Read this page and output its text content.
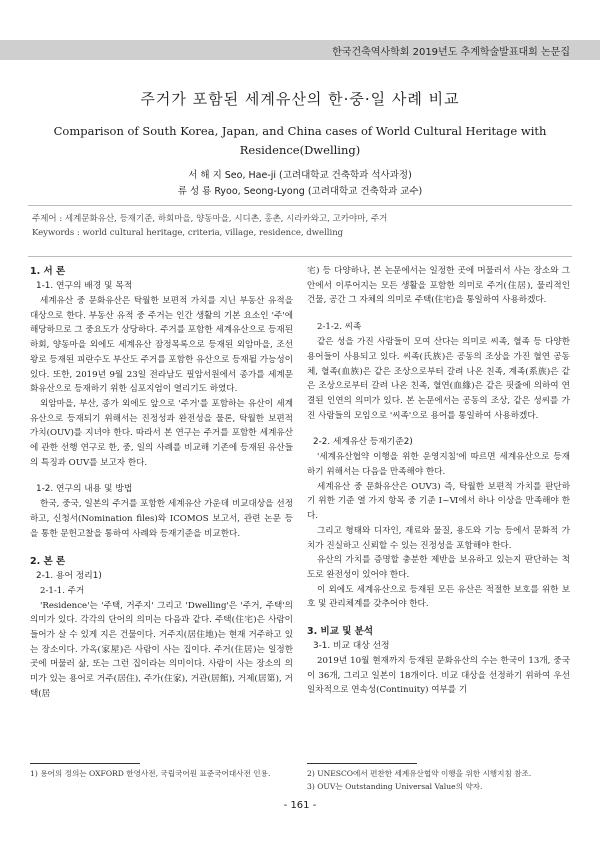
한국건축역사학회 2019년도 추계학술발표대회 논문집
주거가 포함된 세계유산의 한·중·일 사례 비교
Comparison of South Korea, Japan, and China cases of World Cultural Heritage with Residence(Dwelling)
서 해 지 Seo, Hae-ji (고려대학교 건축학과 석사과정)
류 성 룡 Ryoo, Seong-Lyong (고려대학교 건축학과 교수)
주제어 : 세계문화유산, 등재기준, 하회마을, 양동마을, 시디촌, 홍촌, 시라카와고, 고카야마, 주거
Keywords : world cultural heritage, criteria, village, residence, dwelling
1. 서 론
1-1. 연구의 배경 및 목적

세계유산 중 문화유산은 탁월한 보편적 가치를 지닌 부동산 유적을 대상으로 한다. 부동산 유적 중 주거는 인간 생활의 기본 요소인 '주'에 해당하므로 그 중요도가 상당하다. 주거를 포함한 세계유산으로 등재된 하회, 양동마을 외에도 세계유산 잠정목록으로 등재된 외암마을, 조선왕로 등재된 피란수도 부산도 주거를 포함한 유산으로 등재될 가능성이 있다. 또한, 2019년 9월 23일 전라남도 필암서원에서 종가를 세계문화유산으로 등재하기 위한 심포지엄이 열리기도 하였다.

외암마을, 부산, 종가 외에도 앞으로 '주거'를 포함하는 유산이 세계유산으로 등재되기 위해서는 진정성과 완전성을 물론, 탁월한 보편적 가치(OUV)를 지녀야 한다. 따라서 본 연구는 주거를 포함한 세계유산에 관한 선행 연구로 한, 중, 일의 사례를 비교해 기존에 등재된 유산들의 특징과 OUV를 보고자 한다.

1-2. 연구의 내용 및 방법

한국, 중국, 일본의 주거를 포함한 세계유산 가운데 비교대상을 선정하고, 신청서(Nomination files)와 ICOMOS 보고서, 관련 논문 등을 통한 문헌고찰을 통하여 사례와 등재기준을 비교한다.

2. 본 론
2-1. 용어 정리1)
2-1-1. 주거

'Residence'는 '주택, 거주지' 그리고 'Dwelling'은 '주거, 주택'의 의미가 있다. 각각의 단어의 의미는 다음과 같다. 주택(住宅)은 사람이 들어가 살 수 있게 지은 건물이다. 거주지(居住地)는 현재 거주하고 있는 장소이다. 가옥(家屋)은 사람이 사는 집이다. 주거(住居)는 일정한 곳에 머물러 삶, 또는 그런 집이라는 의미이다. 사람이 사는 장소의 의미가 있는 용어로 거주(居住), 주가(住家), 거관(居館), 거제(居第), 거택(居

宅) 등 다양하나, 본 논문에서는 일정한 곳에 머물러서 사는 장소와 그 안에서 이루어지는 모든 생활을 포함한 의미로 주거(住居), 물리적인 건물, 공간 그 자체의 의미로 주택(住宅)을 통일하여 사용하겠다.

2-1-2. 씨족

같은 성을 가진 사람들이 모여 산다는 의미로 씨족, 혈족 등 다양한 용어들이 사용되고 있다. 씨족(氏族)은 공동의 조상을 가진 혈연 공동체, 혈족(血族)은 같은 조상으로부터 갈려 나온 친족, 계족(系族)은 같은 조상으로부터 갈려 나온 친족, 혈연(血緣)은 같은 핏줄에 의하여 연결된 인연의 의미가 있다. 본 논문에서는 공동의 조상, 같은 성씨를 가진 사람들의 모임으로 '씨족'으로 용어를 통일하여 사용하겠다.

2-2. 세계유산 등재기준2)

'세계유산협약 이행을 위한 운영지침'에 따르면 세계유산으로 등재 하기 위해서는 다음을 만족해야 한다.

세계유산 중 문화유산은 OUV3) 즉, 탁월한 보편적 가치를 판단하기 위한 기준 열 가지 항목 중 기준 Ⅰ~Ⅵ에서 하나 이상을 만족해야 한다.

그리고 형태와 디자인, 재료와 물질, 용도와 기능 등에서 문화적 가치가 진실하고 신뢰할 수 있는 진정성을 포함해야 한다.

유산의 가치를 증명할 충분한 제반을 보유하고 있는지 판단하는 척도로 완전성이 있어야 한다.

이 외에도 세계유산으로 등재된 모든 유산은 적절한 보호를 위한 보호 및 관리체계를 갖추어야 한다.

3. 비교 및 분석
3-1. 비교 대상 선정

2019년 10월 현재까지 등재된 문화유산의 수는 한국이 13개, 중국이 36개, 그리고 일본이 18개이다. 비교 대상을 선정하기 위하여 우선 일차적으로 연속성(Continuity) 여부를 기

1) 용어의 정의는 OXFORD 한영사전, 국립국어원 표준국어대사전 인용.	2) UNESCO에서 편찬한 세계유산협약 이행을 위한 시행지침 참조.
3) OUV는 Outstanding Universal Value의 약자.
- 161 -
